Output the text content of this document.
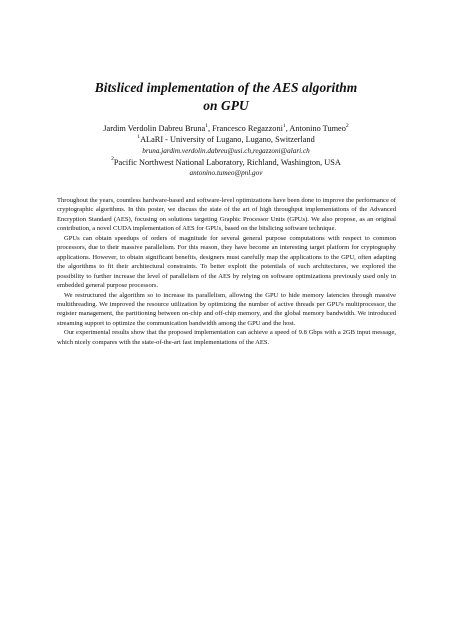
Bitsliced implementation of the AES algorithm
on GPU
Jardim Verdolin Dabreu Bruna$^1$, Francesco Regazzoni$^1$, Antonino Tumeo$^2$
$^1$ALaRI - University of Lugano, Lugano, Switzerland
bruna.jardim.verdolin.dabreu@usi.ch,regazzoni@alari.ch
$^2$Pacific Northwest National Laboratory, Richland, Washington, USA
antonino.tumeo@pnl.gov

Throughout the years, countless hardware-based and software-level optimizations have been done to improve the performance of cryptographic algorithms. In this poster, we discuss the state of the art of high throughput implementations of the Advanced Encryption Standard (AES), focusing on solutions targeting Graphic Processor Units (GPUs). We also propose, as an original contribution, a novel CUDA implementation of AES for GPUs, based on the bitslicing software technique.

GPUs can obtain speedups of orders of magnitude for several general purpose computations with respect to common processors, due to their massive parallelism. For this reason, they have become an interesting target platform for cryptography applications. However, to obtain significant benefits, designers must carefully map the applications to the GPU, often adapting the algorithms to fit their architectural constraints. To better exploit the potentials of such architectures, we explored the possibility to further increase the level of parallelism of the AES by relying on software optimizations previously used only in embedded general purpose processors.

We restructured the algorithm so to increase its parallelism, allowing the GPU to hide memory latencies through massive multithreading. We improved the resource utilization by optimizing the number of active threads per GPU's multiprocessor, the register management, the partitioning between on-chip and off-chip memory, and the global memory bandwidth. We introduced streaming support to optimize the communication bandwidth among the GPU and the host.

Our experimental results show that the proposed implementation can achieve a speed of 9.8 Gbps with a 2GB input message, which nicely compares with the state-of-the-art fast implementations of the AES.
